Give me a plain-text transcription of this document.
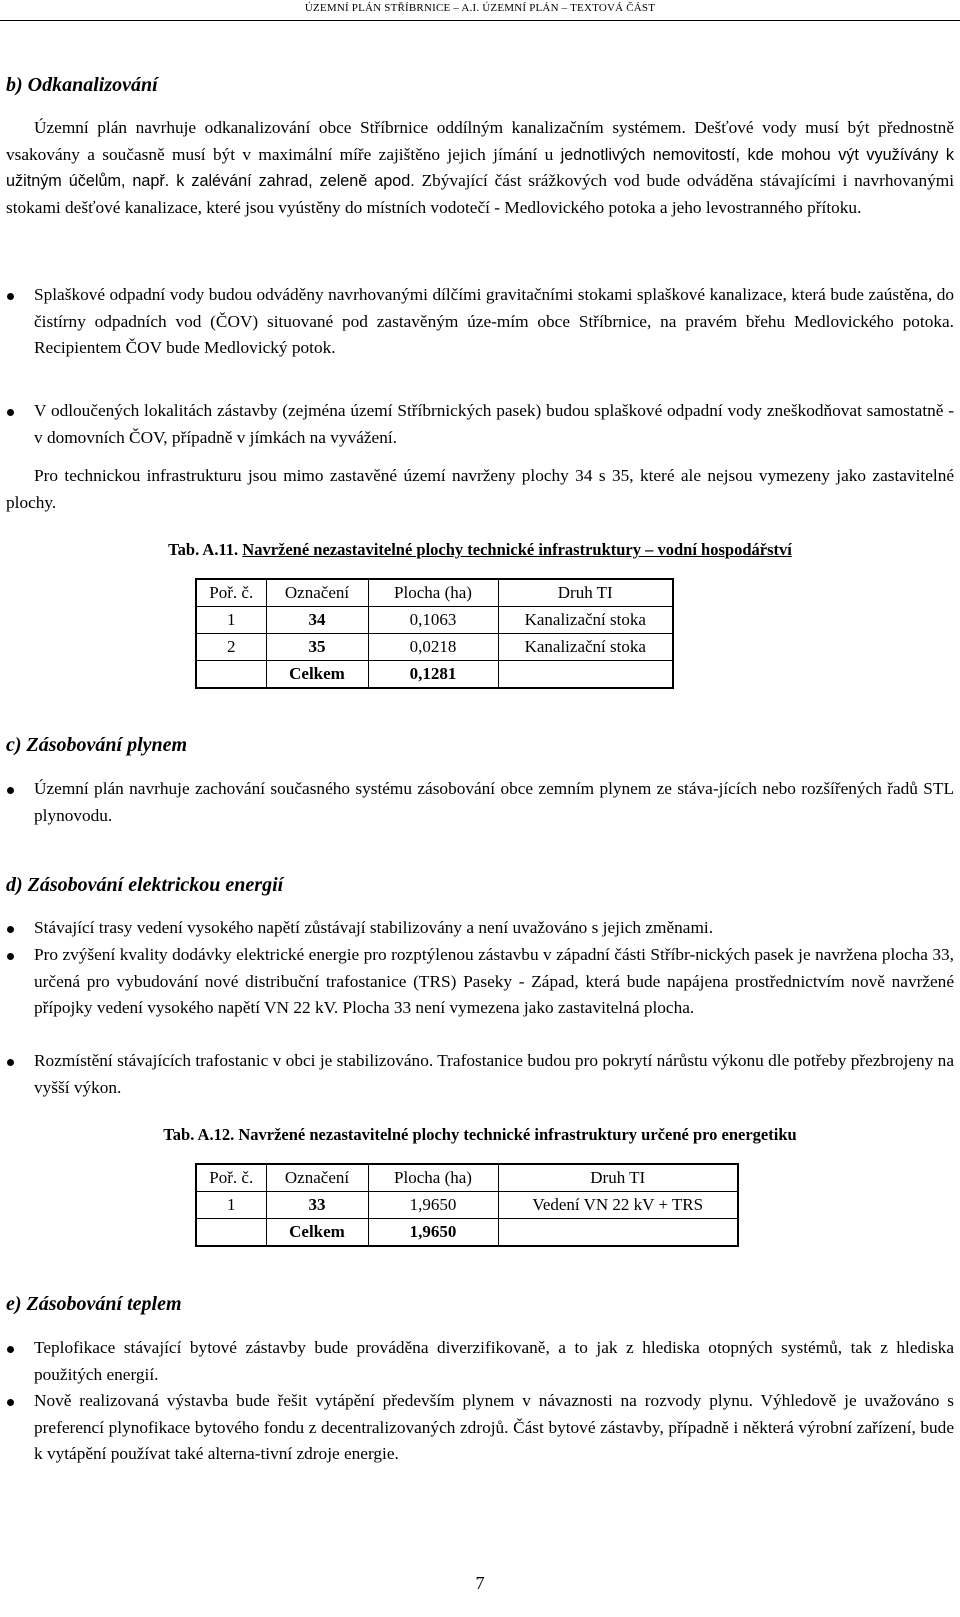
ÚZEMNÍ PLÁN STŘÍBRNICE – A.I. ÚZEMNÍ PLÁN – TEXTOVÁ ČÁST
b) Odkanalizování

Územní plán navrhuje odkanalizování obce Stříbrnice oddílným kanalizačním systémem. Dešťové vody musí být přednostně vsakovány a současně musí být v maximální míře zajištěno jejich jímání u jednotlivých nemovitostí, kde mohou výt využívány k užitným účelům, např. k zalévání zahrad, zeleně apod. Zbývající část srážkových vod bude odváděna stávajícími i navrhovanými stokami dešťové kanalizace, které jsou vyústěny do místních vodotečí - Medlovického potoka a jeho levostranného přítoku.

Splaškové odpadní vody budou odváděny navrhovanými dílčími gravitačními stokami splaškové kanalizace, která bude zaústěna, do čistírny odpadních vod (ČOV) situované pod zastavěným úze-mím obce Stříbrnice, na pravém břehu Medlovického potoka. Recipientem ČOV bude Medlovický potok.

V odloučených lokalitách zástavby (zejména území Stříbrnických pasek) budou splaškové odpadní vody zneškodňovat samostatně - v domovních ČOV, případně v jímkách na vyvážení.

Pro technickou infrastrukturu jsou mimo zastavěné území navrženy plochy 34 s 35, které ale nejsou vymezeny jako zastavitelné plochy.

Tab. A.11. Navržené nezastavitelné plochy technické infrastruktury – vodní hospodářství
Poř. č.	Označení	Plocha (ha)	Druh TI
1	34	0,1063	Kanalizační stoka
2	35	0,0218	Kanalizační stoka
	Celkem	0,1281	
c) Zásobování plynem

Územní plán navrhuje zachování současného systému zásobování obce zemním plynem ze stáva-jících nebo rozšířených řadů STL plynovodu.

d) Zásobování elektrickou energií

Stávající trasy vedení vysokého napětí zůstávají stabilizovány a není uvažováno s jejich změnami.

Pro zvýšení kvality dodávky elektrické energie pro rozptýlenou zástavbu v západní části Stříbr-nických pasek je navržena plocha 33, určená pro vybudování nové distribuční trafostanice (TRS) Paseky - Západ, která bude napájena prostřednictvím nově navržené přípojky vedení vysokého napětí VN 22 kV. Plocha 33 není vymezena jako zastavitelná plocha.

Rozmístění stávajících trafostanic v obci je stabilizováno. Trafostanice budou pro pokrytí nárůstu výkonu dle potřeby přezbrojeny na vyšší výkon.

Tab. A.12. Navržené nezastavitelné plochy technické infrastruktury určené pro energetiku
Poř. č.	Označení	Plocha (ha)	Druh TI
1	33	1,9650	Vedení VN 22 kV + TRS
	Celkem	1,9650	
e) Zásobování teplem

Teplofikace stávající bytové zástavby bude prováděna diverzifikovaně, a to jak z hlediska otopných systémů, tak z hlediska použitých energií.

Nově realizovaná výstavba bude řešit vytápění především plynem v návaznosti na rozvody plynu. Výhledově je uvažováno s preferencí plynofikace bytového fondu z decentralizovaných zdrojů. Část bytové zástavby, případně i některá výrobní zařízení, bude k vytápění používat také alterna-tivní zdroje energie.

7
